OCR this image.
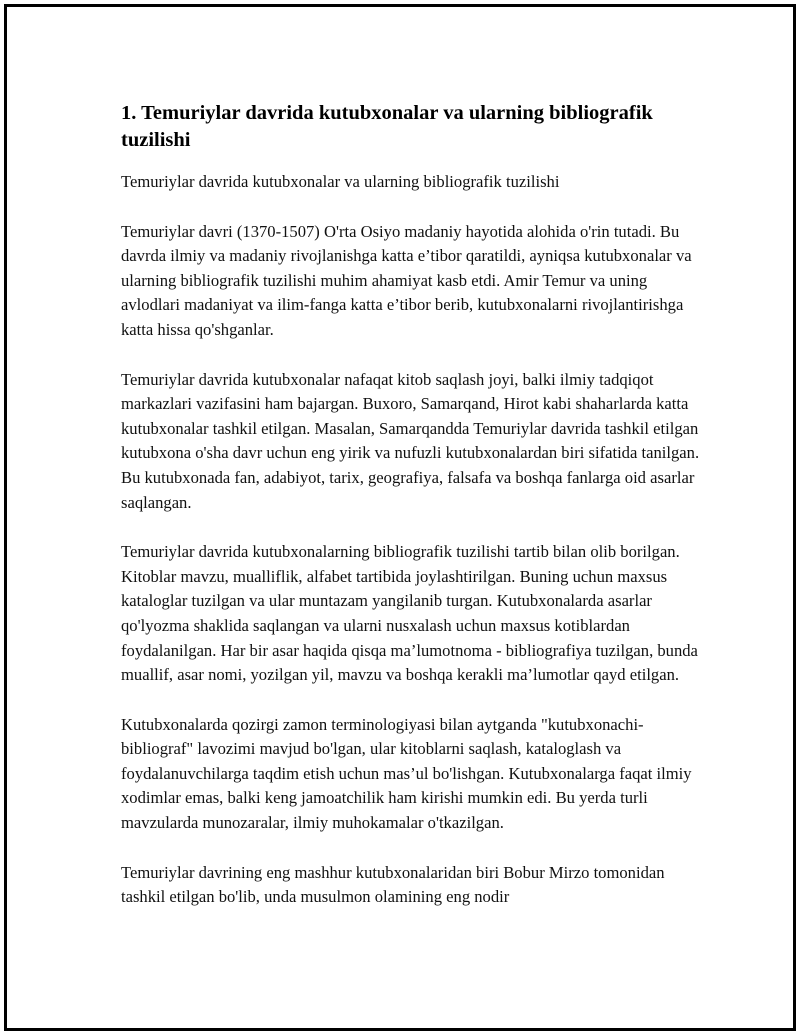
1. Temuriylar davrida kutubxonalar va ularning bibliografik tuzilishi

Temuriylar davrida kutubxonalar va ularning bibliografik tuzilishi

Temuriylar davri (1370-1507) O'rta Osiyo madaniy hayotida alohida o'rin tutadi. Bu davrda ilmiy va madaniy rivojlanishga katta e’tibor qaratildi, ayniqsa kutubxonalar va ularning bibliografik tuzilishi muhim ahamiyat kasb etdi. Amir Temur va uning avlodlari madaniyat va ilim-fanga katta e’tibor berib, kutubxonalarni rivojlantirishga katta hissa qo'shganlar.

Temuriylar davrida kutubxonalar nafaqat kitob saqlash joyi, balki ilmiy tadqiqot markazlari vazifasini ham bajargan. Buxoro, Samarqand, Hirot kabi shaharlarda katta kutubxonalar tashkil etilgan. Masalan, Samarqandda Temuriylar davrida tashkil etilgan kutubxona o'sha davr uchun eng yirik va nufuzli kutubxonalardan biri sifatida tanilgan. Bu kutubxonada fan, adabiyot, tarix, geografiya, falsafa va boshqa fanlarga oid asarlar saqlangan.

Temuriylar davrida kutubxonalarning bibliografik tuzilishi tartib bilan olib borilgan. Kitoblar mavzu, mualliflik, alfabet tartibida joylashtirilgan. Buning uchun maxsus kataloglar tuzilgan va ular muntazam yangilanib turgan. Kutubxonalarda asarlar qo'lyozma shaklida saqlangan va ularni nusxalash uchun maxsus kotiblardan foydalanilgan. Har bir asar haqida qisqa ma’lumotnoma - bibliografiya tuzilgan, bunda muallif, asar nomi, yozilgan yil, mavzu va boshqa kerakli ma’lumotlar qayd etilgan.

Kutubxonalarda qozirgi zamon terminologiyasi bilan aytganda "kutubxonachi-bibliograf" lavozimi mavjud bo'lgan, ular kitoblarni saqlash, kataloglash va foydalanuvchilarga taqdim etish uchun mas’ul bo'lishgan. Kutubxonalarga faqat ilmiy xodimlar emas, balki keng jamoatchilik ham kirishi mumkin edi. Bu yerda turli mavzularda munozaralar, ilmiy muhokamalar o'tkazilgan.

Temuriylar davrining eng mashhur kutubxonalaridan biri Bobur Mirzo tomonidan tashkil etilgan bo'lib, unda musulmon olamining eng nodir
